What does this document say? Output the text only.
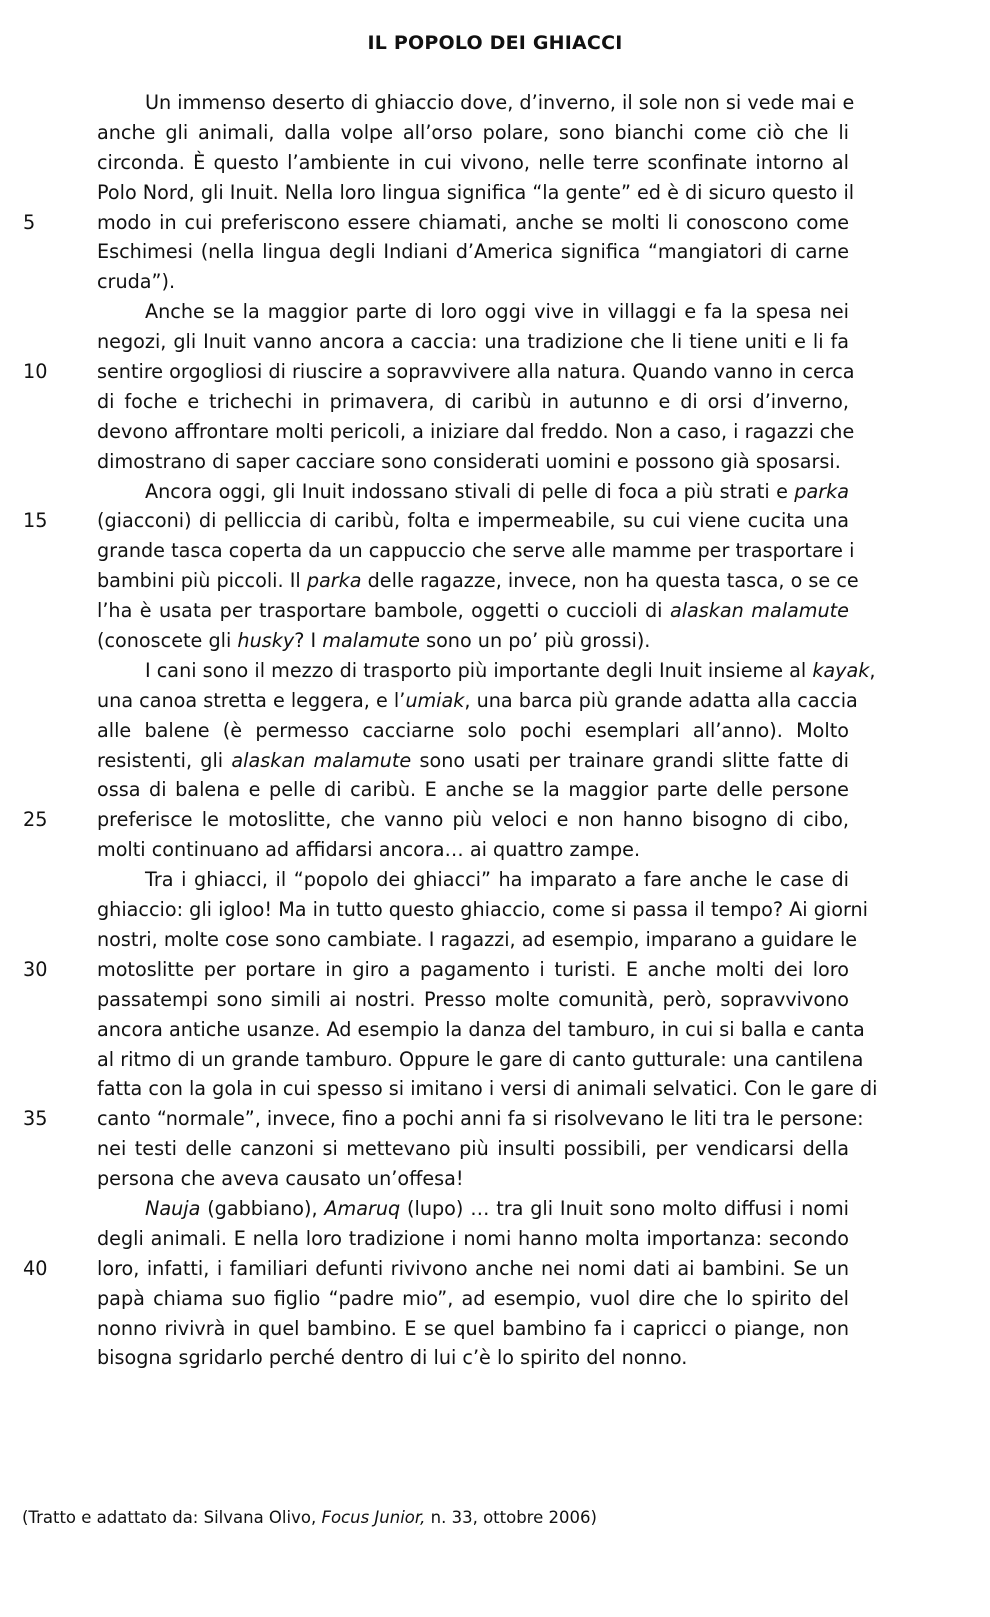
IL POPOLO DEI GHIACCI
Un immenso deserto di ghiaccio dove, d’inverno, il sole non si vede mai e
anche gli animali, dalla volpe all’orso polare, sono bianchi come ciò che li
circonda. È questo l’ambiente in cui vivono, nelle terre sconfinate intorno al
Polo Nord, gli Inuit. Nella loro lingua significa “la gente” ed è di sicuro questo il
5	modo in cui preferiscono essere chiamati, anche se molti li conoscono come
Eschimesi (nella lingua degli Indiani d’America significa “mangiatori di carne
cruda”).
Anche se la maggior parte di loro oggi vive in villaggi e fa la spesa nei
negozi, gli Inuit vanno ancora a caccia: una tradizione che li tiene uniti e li fa
10	sentire orgogliosi di riuscire a sopravvivere alla natura. Quando vanno in cerca
di foche e trichechi in primavera, di caribù in autunno e di orsi d’inverno,
devono affrontare molti pericoli, a iniziare dal freddo. Non a caso, i ragazzi che
dimostrano di saper cacciare sono considerati uomini e possono già sposarsi.
Ancora oggi, gli Inuit indossano stivali di pelle di foca a più strati e parka
15	(giacconi) di pelliccia di caribù, folta e impermeabile, su cui viene cucita una
grande tasca coperta da un cappuccio che serve alle mamme per trasportare i
bambini più piccoli. Il parka delle ragazze, invece, non ha questa tasca, o se ce
l’ha è usata per trasportare bambole, oggetti o cuccioli di alaskan malamute
(conoscete gli husky? I malamute sono un po’ più grossi).
I cani sono il mezzo di trasporto più importante degli Inuit insieme al kayak,
una canoa stretta e leggera, e l’umiak, una barca più grande adatta alla caccia
alle balene (è permesso cacciarne solo pochi esemplari all’anno). Molto
resistenti, gli alaskan malamute sono usati per trainare grandi slitte fatte di
ossa di balena e pelle di caribù. E anche se la maggior parte delle persone
25	preferisce le motoslitte, che vanno più veloci e non hanno bisogno di cibo,
molti continuano ad affidarsi ancora… ai quattro zampe.
Tra i ghiacci, il “popolo dei ghiacci” ha imparato a fare anche le case di
ghiaccio: gli igloo! Ma in tutto questo ghiaccio, come si passa il tempo? Ai giorni
nostri, molte cose sono cambiate. I ragazzi, ad esempio, imparano a guidare le
30	motoslitte per portare in giro a pagamento i turisti. E anche molti dei loro
passatempi sono simili ai nostri. Presso molte comunità, però, sopravvivono
ancora antiche usanze. Ad esempio la danza del tamburo, in cui si balla e canta
al ritmo di un grande tamburo. Oppure le gare di canto gutturale: una cantilena
fatta con la gola in cui spesso si imitano i versi di animali selvatici. Con le gare di
35	canto “normale”, invece, fino a pochi anni fa si risolvevano le liti tra le persone:
nei testi delle canzoni si mettevano più insulti possibili, per vendicarsi della
persona che aveva causato un’offesa!
Nauja (gabbiano), Amaruq (lupo) … tra gli Inuit sono molto diffusi i nomi
degli animali. E nella loro tradizione i nomi hanno molta importanza: secondo
40	loro, infatti, i familiari defunti rivivono anche nei nomi dati ai bambini. Se un
papà chiama suo figlio “padre mio”, ad esempio, vuol dire che lo spirito del
nonno rivivrà in quel bambino. E se quel bambino fa i capricci o piange, non
bisogna sgridarlo perché dentro di lui c’è lo spirito del nonno.
(Tratto e adattato da: Silvana Olivo, Focus Junior, n. 33, ottobre 2006)
